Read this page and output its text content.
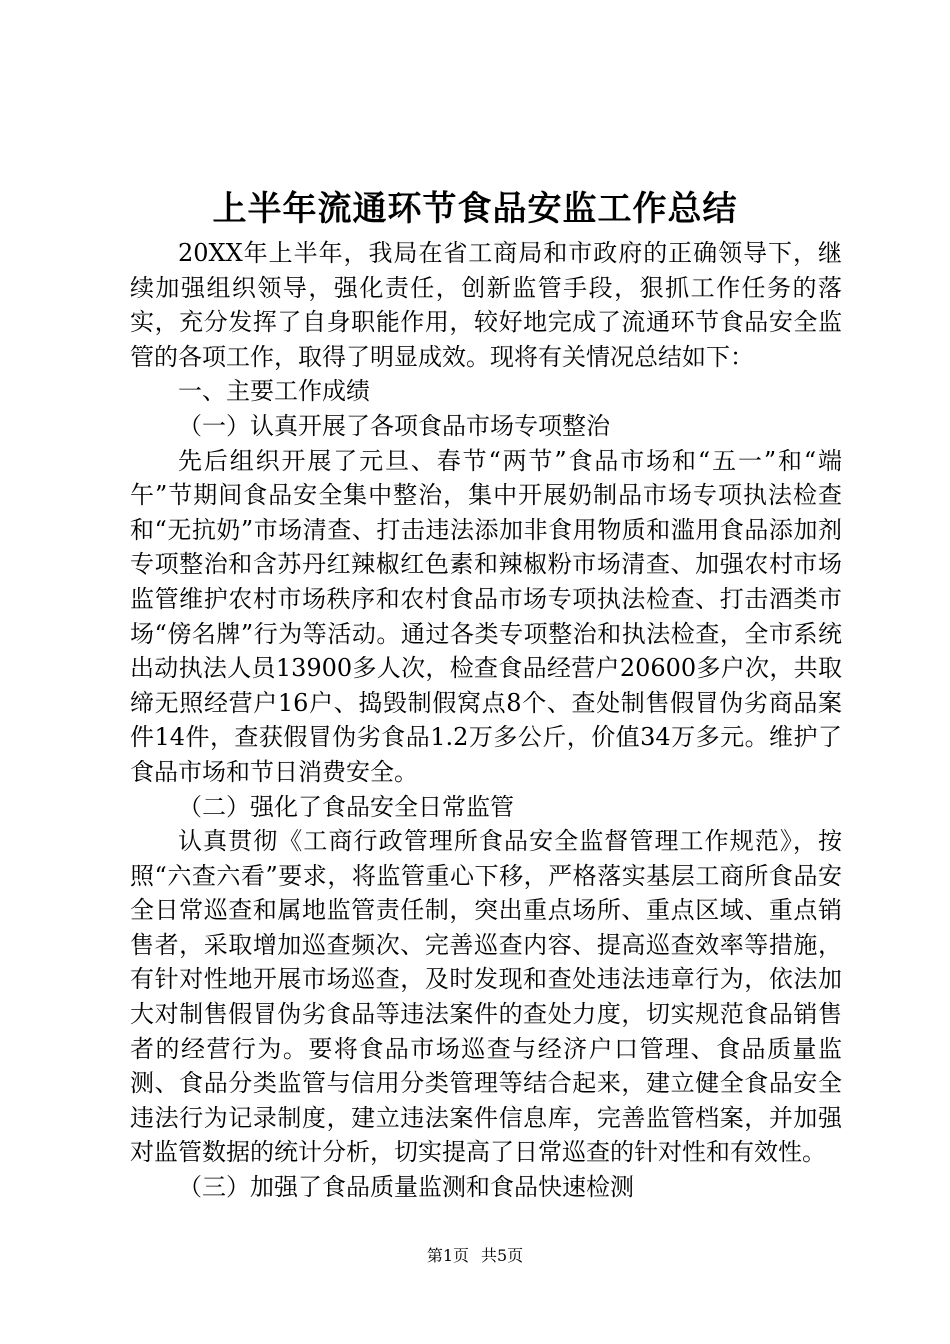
上半年流通环节食品安监工作总结

20XX年上半年，我局在省工商局和市政府的正确领导下，继续加强组织领导，强化责任，创新监管手段，狠抓工作任务的落实，充分发挥了自身职能作用，较好地完成了流通环节食品安全监管的各项工作，取得了明显成效。现将有关情况总结如下：

一、主要工作成绩

（一）认真开展了各项食品市场专项整治

先后组织开展了元旦、春节“两节”食品市场和“五一”和“端午”节期间食品安全集中整治，集中开展奶制品市场专项执法检查和“无抗奶”市场清查、打击违法添加非食用物质和滥用食品添加剂专项整治和含苏丹红辣椒红色素和辣椒粉市场清查、加强农村市场监管维护农村市场秩序和农村食品市场专项执法检查、打击酒类市场“傍名牌”行为等活动。通过各类专项整治和执法检查，全市系统出动执法人员13900多人次，检查食品经营户20600多户次，共取缔无照经营户16户、捣毁制假窝点8个、查处制售假冒伪劣商品案件14件，查获假冒伪劣食品1.2万多公斤，价值34万多元。维护了食品市场和节日消费安全。

（二）强化了食品安全日常监管

认真贯彻《工商行政管理所食品安全监督管理工作规范》，按照“六查六看”要求，将监管重心下移，严格落实基层工商所食品安全日常巡查和属地监管责任制，突出重点场所、重点区域、重点销售者，采取增加巡查频次、完善巡查内容、提高巡查效率等措施，有针对性地开展市场巡查，及时发现和查处违法违章行为，依法加大对制售假冒伪劣食品等违法案件的查处力度，切实规范食品销售者的经营行为。要将食品市场巡查与经济户口管理、食品质量监测、食品分类监管与信用分类管理等结合起来，建立健全食品安全违法行为记录制度，建立违法案件信息库，完善监管档案，并加强对监管数据的统计分析，切实提高了日常巡查的针对性和有效性。

（三）加强了食品质量监测和食品快速检测

第1页 共5页
